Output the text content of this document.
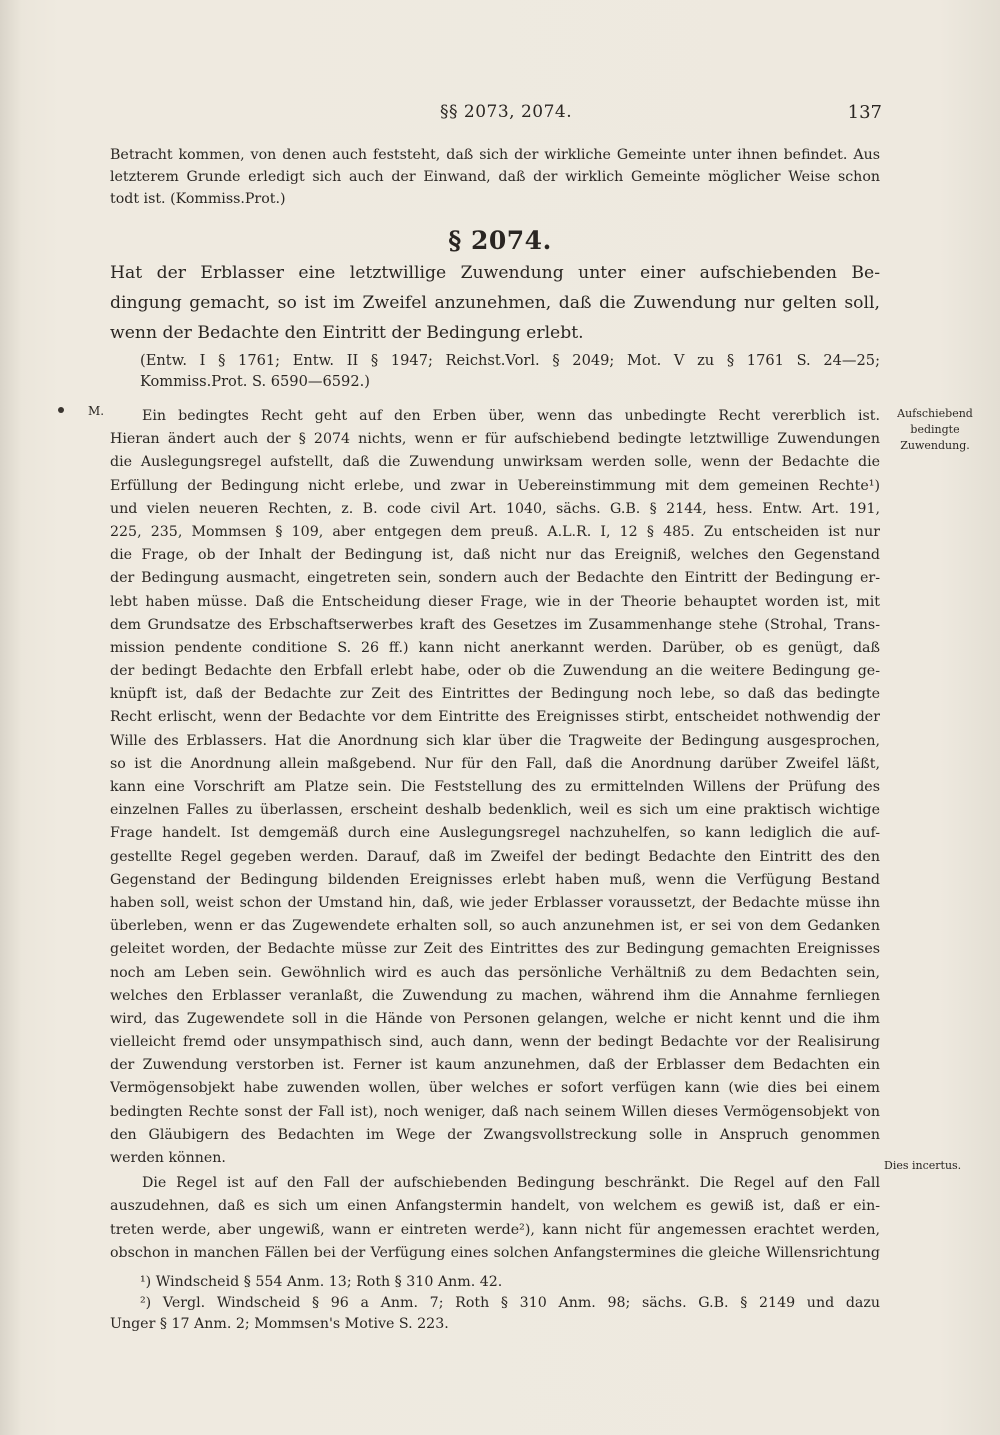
§§ 2073, 2074.	137
Betracht kommen, von denen auch feststeht, daß sich der wirkliche Gemeinte unter ihnen befindet. Aus
letzterem Grunde erledigt sich auch der Einwand, daß der wirklich Gemeinte möglicher Weise schon
todt ist. (Kommiss.Prot.)
§ 2074.
Hat der Erblasser eine letztwillige Zuwendung unter einer aufschiebenden Be-
dingung gemacht, so ist im Zweifel anzunehmen, daß die Zuwendung nur gelten soll,
wenn der Bedachte den Eintritt der Bedingung erlebt.
(Entw. I § 1761; Entw. II § 1947; Reichst.Vorl. § 2049; Mot. V zu § 1761 S. 24—25;
Kommiss.Prot. S. 6590—6592.)
M.	Aufschiebend
bedingte
Zuwendung.
Dies incertus.
Ein bedingtes Recht geht auf den Erben über, wenn das unbedingte Recht vererblich ist.
Hieran ändert auch der § 2074 nichts, wenn er für aufschiebend bedingte letztwillige Zuwendungen
die Auslegungsregel aufstellt, daß die Zuwendung unwirksam werden solle, wenn der Bedachte die
Erfüllung der Bedingung nicht erlebe, und zwar in Uebereinstimmung mit dem gemeinen Rechte¹)
und vielen neueren Rechten, z. B. code civil Art. 1040, sächs. G.B. § 2144, hess. Entw. Art. 191,
225, 235, Mommsen § 109, aber entgegen dem preuß. A.L.R. I, 12 § 485. Zu entscheiden ist nur
die Frage, ob der Inhalt der Bedingung ist, daß nicht nur das Ereigniß, welches den Gegenstand
der Bedingung ausmacht, eingetreten sein, sondern auch der Bedachte den Eintritt der Bedingung er-
lebt haben müsse. Daß die Entscheidung dieser Frage, wie in der Theorie behauptet worden ist, mit
dem Grundsatze des Erbschaftserwerbes kraft des Gesetzes im Zusammenhange stehe (Strohal, Trans-
mission pendente conditione S. 26 ff.) kann nicht anerkannt werden. Darüber, ob es genügt, daß
der bedingt Bedachte den Erbfall erlebt habe, oder ob die Zuwendung an die weitere Bedingung ge-
knüpft ist, daß der Bedachte zur Zeit des Eintrittes der Bedingung noch lebe, so daß das bedingte
Recht erlischt, wenn der Bedachte vor dem Eintritte des Ereignisses stirbt, entscheidet nothwendig der
Wille des Erblassers. Hat die Anordnung sich klar über die Tragweite der Bedingung ausgesprochen,
so ist die Anordnung allein maßgebend. Nur für den Fall, daß die Anordnung darüber Zweifel läßt,
kann eine Vorschrift am Platze sein. Die Feststellung des zu ermittelnden Willens der Prüfung des
einzelnen Falles zu überlassen, erscheint deshalb bedenklich, weil es sich um eine praktisch wichtige
Frage handelt. Ist demgemäß durch eine Auslegungsregel nachzuhelfen, so kann lediglich die auf-
gestellte Regel gegeben werden. Darauf, daß im Zweifel der bedingt Bedachte den Eintritt des den
Gegenstand der Bedingung bildenden Ereignisses erlebt haben muß, wenn die Verfügung Bestand
haben soll, weist schon der Umstand hin, daß, wie jeder Erblasser voraussetzt, der Bedachte müsse ihn
überleben, wenn er das Zugewendete erhalten soll, so auch anzunehmen ist, er sei von dem Gedanken
geleitet worden, der Bedachte müsse zur Zeit des Eintrittes des zur Bedingung gemachten Ereignisses
noch am Leben sein. Gewöhnlich wird es auch das persönliche Verhältniß zu dem Bedachten sein,
welches den Erblasser veranlaßt, die Zuwendung zu machen, während ihm die Annahme fernliegen
wird, das Zugewendete soll in die Hände von Personen gelangen, welche er nicht kennt und die ihm
vielleicht fremd oder unsympathisch sind, auch dann, wenn der bedingt Bedachte vor der Realisirung
der Zuwendung verstorben ist. Ferner ist kaum anzunehmen, daß der Erblasser dem Bedachten ein
Vermögensobjekt habe zuwenden wollen, über welches er sofort verfügen kann (wie dies bei einem
bedingten Rechte sonst der Fall ist), noch weniger, daß nach seinem Willen dieses Vermögensobjekt von
den Gläubigern des Bedachten im Wege der Zwangsvollstreckung solle in Anspruch genommen
werden können.
Die Regel ist auf den Fall der aufschiebenden Bedingung beschränkt. Die Regel auf den Fall
auszudehnen, daß es sich um einen Anfangstermin handelt, von welchem es gewiß ist, daß er ein-
treten werde, aber ungewiß, wann er eintreten werde²), kann nicht für angemessen erachtet werden,
obschon in manchen Fällen bei der Verfügung eines solchen Anfangstermines die gleiche Willensrichtung
¹) Windscheid § 554 Anm. 13; Roth § 310 Anm. 42.
²) Vergl. Windscheid § 96 a Anm. 7; Roth § 310 Anm. 98; sächs. G.B. § 2149 und dazu
Unger § 17 Anm. 2; Mommsen's Motive S. 223.
